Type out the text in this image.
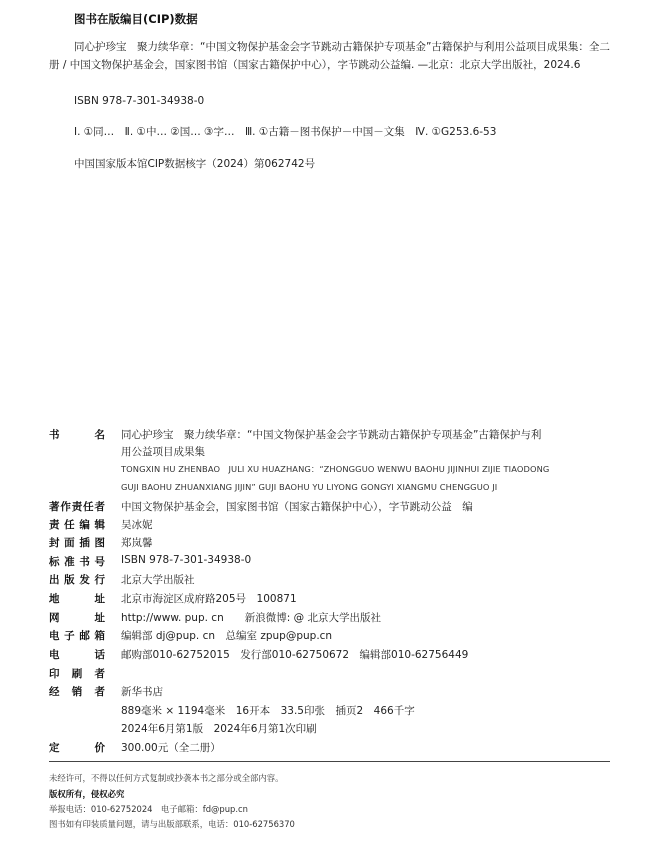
图书在版编目(CIP)数据
同心护珍宝　聚力续华章：“中国文物保护基金会字节跳动古籍保护专项基金”古籍保护与利用公益项目成果集：全二册 / 中国文物保护基金会，国家图书馆（国家古籍保护中心），字节跳动公益编. —北京：北京大学出版社，2024.6
ISBN 978-7-301-34938-0
Ⅰ. ①同…　Ⅱ. ①中… ②国… ③字…　Ⅲ. ①古籍－图书保护－中国－文集　Ⅳ. ①G253.6-53
中国国家版本馆CIP数据核字（2024）第062742号
书　　名 同心护珍宝　聚力续华章：“中国文物保护基金会字节跳动古籍保护专项基金”古籍保护与利
用公益项目成果集
TONGXIN HU ZHENBAO　JULI XU HUAZHANG：“ZHONGGUO WENWU BAOHU JIJINHUI ZIJIE TIAODONG
GUJI BAOHU ZHUANXIANG JIJIN” GUJI BAOHU YU LIYONG GONGYI XIANGMU CHENGGUO JI
著作责任者 中国文物保护基金会，国家图书馆（国家古籍保护中心），字节跳动公益　编
责任编辑 吴冰妮
封面插图 郑岚馨
标准书号 ISBN 978-7-301-34938-0
出版发行 北京大学出版社
地　　址 北京市海淀区成府路205号　100871
网　　址 http://www. pup. cn　　新浪微博: @ 北京大学出版社
电子邮箱 编辑部 dj@pup. cn　总编室 zpup@pup.cn
电　　话 邮购部010-62752015　发行部010-62750672　编辑部010-62756449
印　刷　者
经　销　者 新华书店
889毫米 × 1194毫米　16开本　33.5印张　插页2　466千字
2024年6月第1版　2024年6月第1次印刷
定　　价 300.00元（全二册）
未经许可，不得以任何方式复制或抄袭本书之部分或全部内容。
版权所有，侵权必究
举报电话：010-62752024　电子邮箱：fd@pup.cn
图书如有印装质量问题，请与出版部联系，电话：010-62756370
